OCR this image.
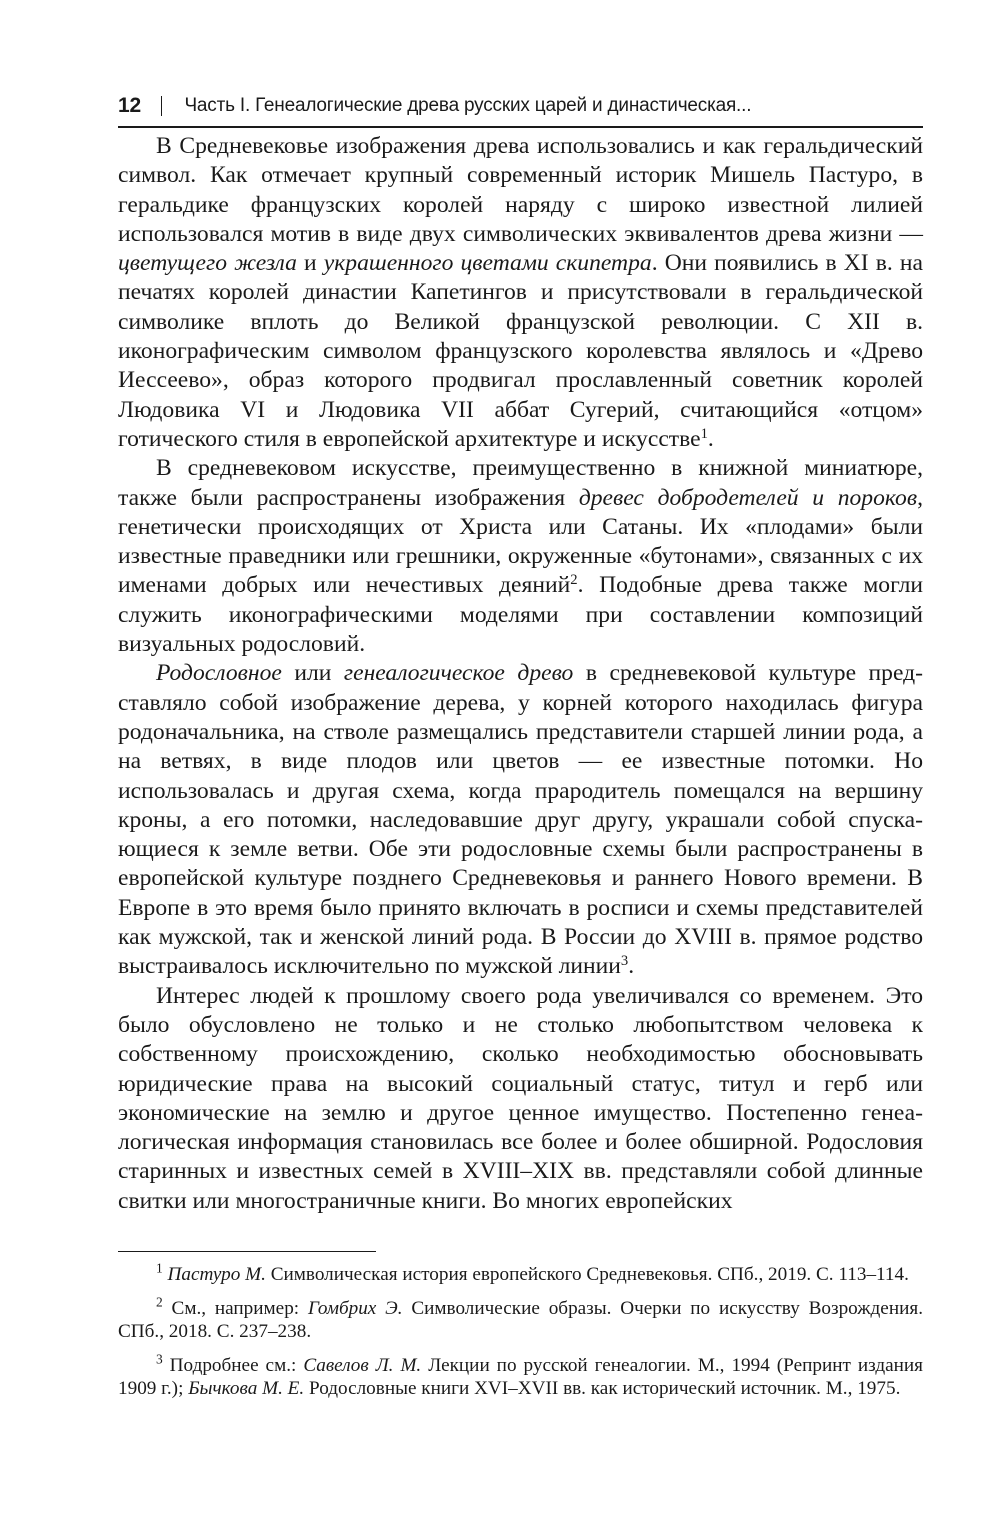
12 Часть I. Генеалогические древа русских царей и династическая...

В Средневековье изображения древа использовались и как геральдический символ. Как отмечает крупный современный историк Мишель Пастуро, в геральдике французских королей наряду с широко известной лилией использовался мотив в виде двух символических эквивалентов древа жизни — цветущего жезла и украшенного цветами скипетра. Они появились в XI в. на печатях королей династии Капетингов и присутствовали в геральдической символике вплоть до Великой французской революции. С XII в. иконографическим символом французского королевства являлось и «Древо Иессеево», образ которого продвигал прославленный советник королей Людовика VI и Людовика VII аббат Сугерий, считающийся «отцом» готического стиля в европейской архитектуре и искусстве$^1$.

В средневековом искусстве, преимущественно в книжной миниатюре, также были распространены изображения древес добродетелей и пороков, генетически происходящих от Христа или Сатаны. Их «плодами» были известные праведники или грешники, окруженные «бутонами», связанных с их именами добрых или нечестивых деяний$^2$. Подобные древа также могли служить иконографическими моделями при составлении композиций визуальных родословий.

Родословное или генеалогическое древо в средневековой культуре представляло собой изображение дерева, у корней которого находилась фигура родоначальника, на стволе размещались представители старшей линии рода, а на ветвях, в виде плодов или цветов — ее известные потомки. Но использовалась и другая схема, когда прародитель помещался на вершину кроны, а его потомки, наследовавшие друг другу, украшали собой спускающиеся к земле ветви. Обе эти родословные схемы были распространены в европейской культуре позднего Средневековья и раннего Нового времени. В Европе в это время было принято включать в росписи и схемы представителей как мужской, так и женской линий рода. В России до XVIII в. прямое родство выстраивалось исключительно по мужской линии$^3$.

Интерес людей к прошлому своего рода увеличивался со временем. Это было обусловлено не только и не столько любопытством человека к собственному происхождению, сколько необходимостью обосновывать юридические права на высокий социальный статус, титул и герб или экономические на землю и другое ценное имущество. Постепенно генеалогическая информация становилась все более и более обширной. Родословия старинных и известных семей в XVIII–XIX вв. представляли собой длинные свитки или многостраничные книги. Во многих европейских

$^1$ Пастуро М. Символическая история европейского Средневековья. СПб., 2019. С. 113–114.

$^2$ См., например: Гомбрих Э. Символические образы. Очерки по искусству Возрождения. СПб., 2018. С. 237–238.

$^3$ Подробнее см.: Савелов Л. М. Лекции по русской генеалогии. М., 1994 (Репринт издания 1909 г.); Бычкова М. Е. Родословные книги XVI–XVII вв. как исторический источник. М., 1975.
